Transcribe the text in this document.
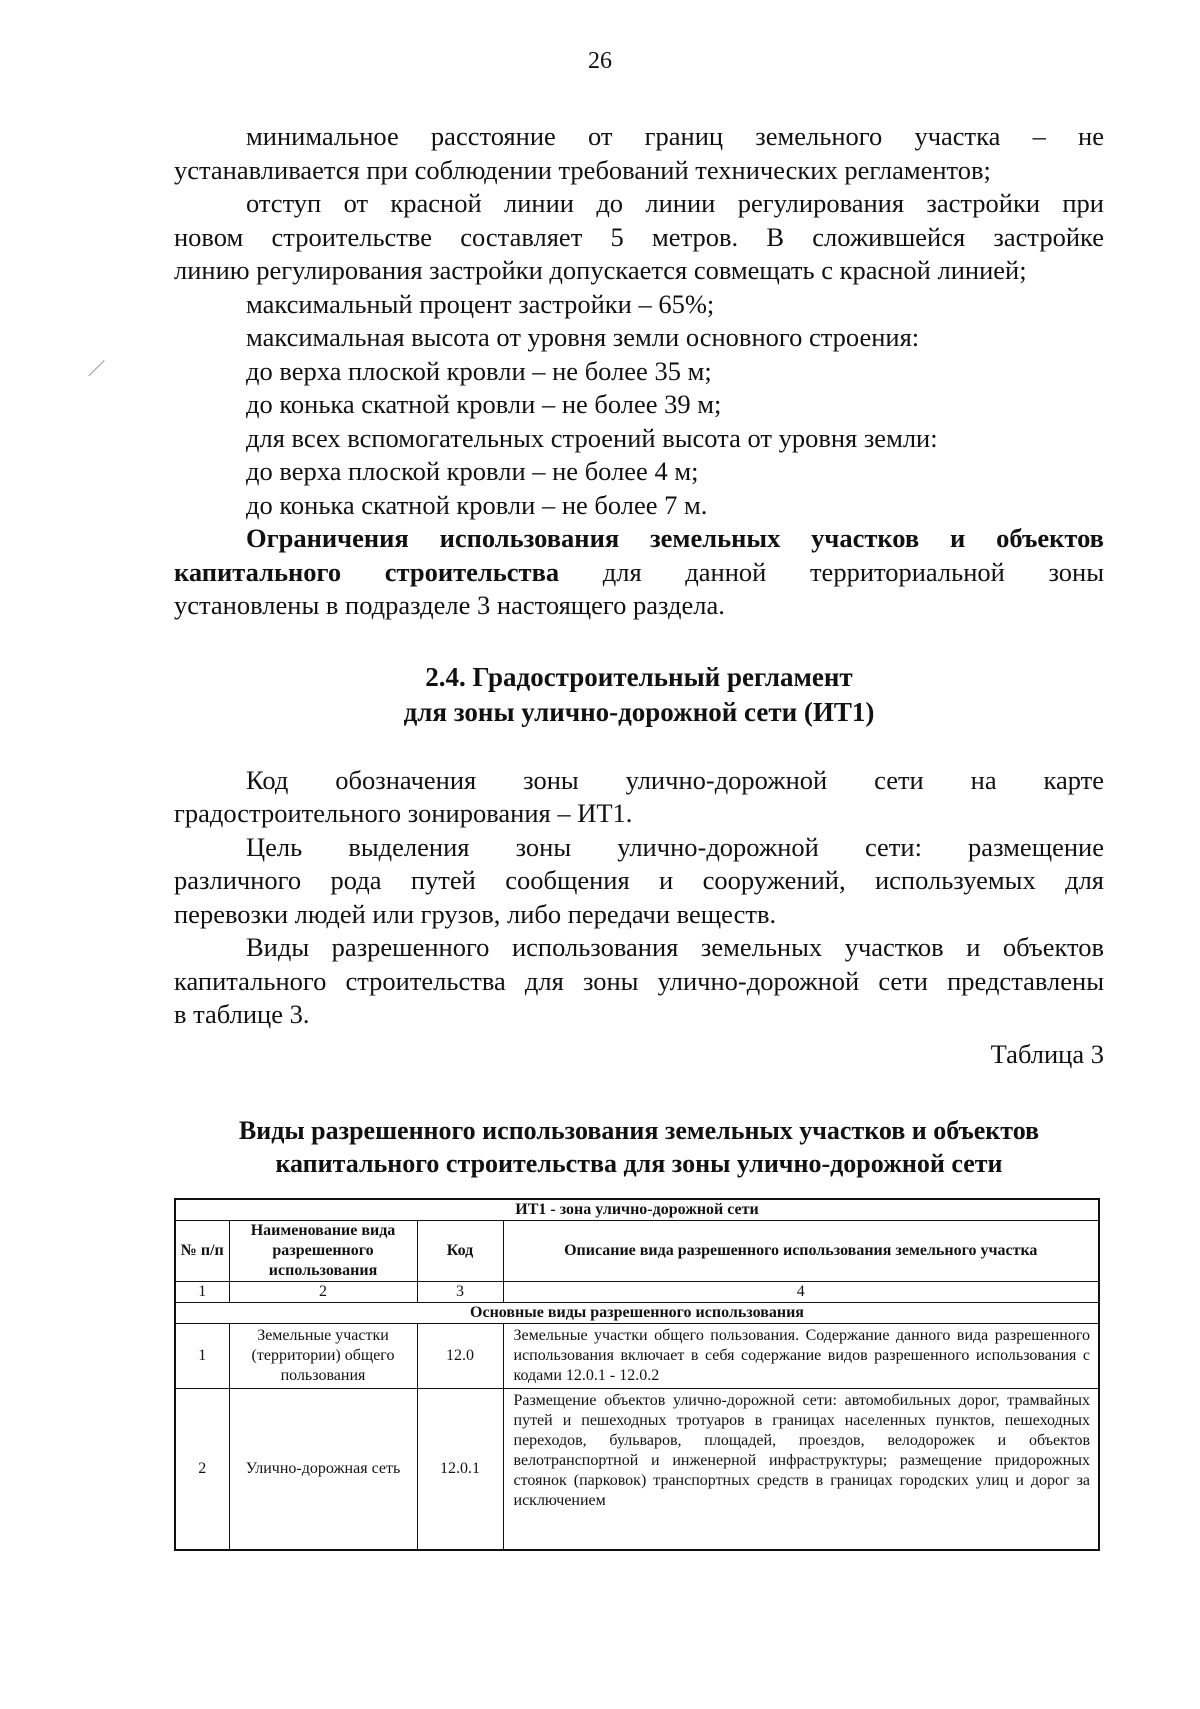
26

минимальное расстояние от границ земельного участка – не

устанавливается при соблюдении требований технических регламентов;

отступ от красной линии до линии регулирования застройки при

новом строительстве составляет 5 метров. В сложившейся застройке

линию регулирования застройки допускается совмещать с красной линией;

максимальный процент застройки – 65%;

максимальная высота от уровня земли основного строения:

до верха плоской кровли – не более 35 м;

до конька скатной кровли – не более 39 м;

для всех вспомогательных строений высота от уровня земли:

до верха плоской кровли – не более 4 м;

до конька скатной кровли – не более 7 м.

Ограничения использования земельных участков и объектов

капитального строительства для данной территориальной зоны

установлены в подразделе 3 настоящего раздела.

2.4. Градостроительный регламент
для зоны улично-дорожной сети (ИТ1)

Код обозначения зоны улично-дорожной сети на карте

градостроительного зонирования – ИТ1.

Цель выделения зоны улично-дорожной сети: размещение

различного рода путей сообщения и сооружений, используемых для

перевозки людей или грузов, либо передачи веществ.

Виды разрешенного использования земельных участков и объектов

капитального строительства для зоны улично-дорожной сети представлены

в таблице 3.

Таблица 3

Виды разрешенного использования земельных участков и объектов
капитального строительства для зоны улично-дорожной сети
ИТ1 - зона улично-дорожной сети			
№ п/п	Наименование вида разрешенного использования	Код	Описание вида разрешенного использования земельного участка
1	2	3	4
Основные виды разрешенного использования			
1	Земельные участки (территории) общего пользования	12.0	Земельные участки общего пользования. Содержание данного вида разрешенного использования включает в себя содержание видов разрешенного использования с кодами 12.0.1 - 12.0.2
2	Улично-дорожная сеть	12.0.1	Размещение объектов улично-дорожной сети: автомобильных дорог, трамвайных путей и пешеходных тротуаров в границах населенных пунктов, пешеходных переходов, бульваров, площадей, проездов, велодорожек и объектов велотранспортной и инженерной инфраструктуры; размещение придорожных стоянок (парковок) транспортных средств в границах городских улиц и дорог за исключением
